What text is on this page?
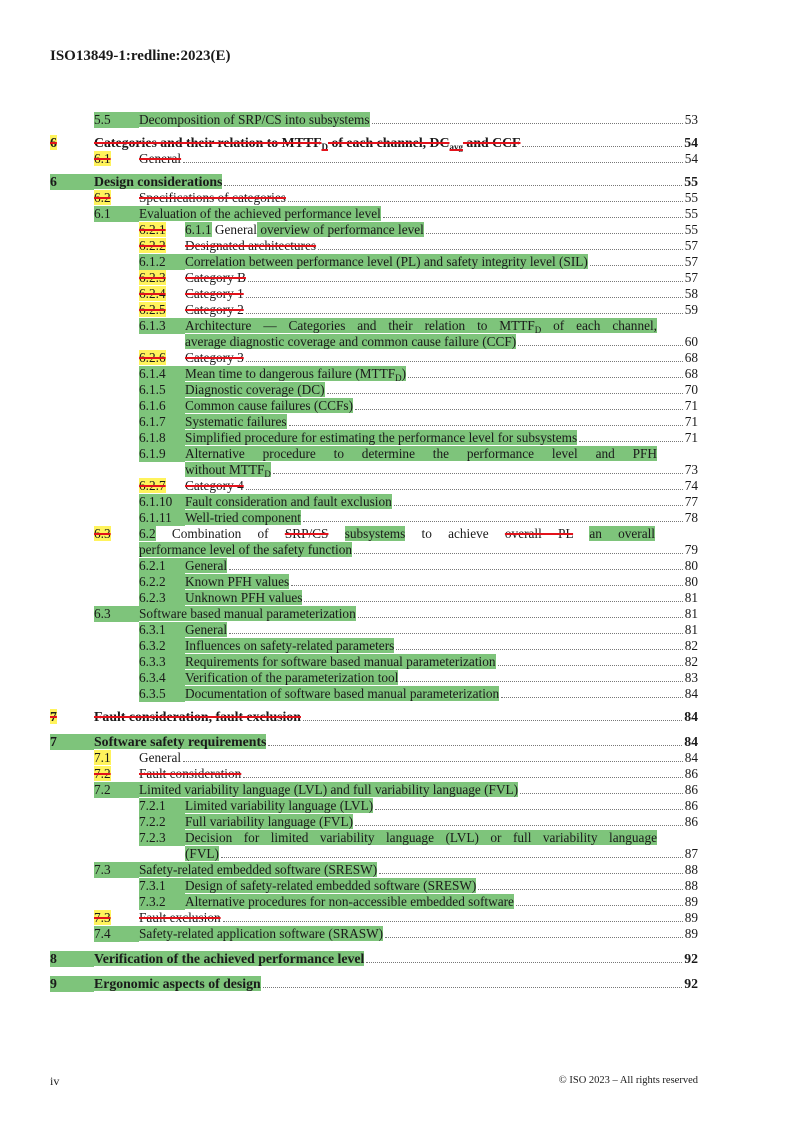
ISO13849-1:redline:2023(E)
5.5	Decomposition of SRP/CS into subsystems	53
6	Categories and their relation to $MTTF_D$ of each channel, $DC_{avg}$ and CCF	54
6.1	General	54
6	Design considerations	55
6.2	Specifications of categories	55
6.1	Evaluation of the achieved performance level	55
6.2.1	6.1.1 General overview of performance level	55
6.2.2	Designated architectures	57
6.1.2	Correlation between performance level (PL) and safety integrity level (SIL)	57
6.2.3	Category B	57
6.2.4	Category 1	58
6.2.5	Category 2	59
6.1.3	Architecture — Categories and their relation to $MTTF_D$ of each channel,
average diagnostic coverage and common cause failure (CCF)	60
6.2.6	Category 3	68
6.1.4	Mean time to dangerous failure $(MTTF_D)$	68
6.1.5	Diagnostic coverage (DC)	70
6.1.6	Common cause failures (CCFs)	71
6.1.7	Systematic failures	71
6.1.8	Simplified procedure for estimating the performance level for subsystems	71
6.1.9	Alternative procedure to determine the performance level and PFH
without $MTTF_D$	73
6.2.7	Category 4	74
6.1.10 Fault consideration and fault exclusion	77
6.1.11 Well-tried component	78
6.3	6.2 Combination of SRP/CS subsystems to achieve overall PL an overall
performance level of the safety function	79
6.2.1	General	80
6.2.2	Known PFH values	80
6.2.3	Unknown PFH values	81
6.3	Software based manual parameterization	81
6.3.1	General	81
6.3.2	Influences on safety-related parameters	82
6.3.3	Requirements for software based manual parameterization	82
6.3.4	Verification of the parameterization tool	83
6.3.5	Documentation of software based manual parameterization	84
7	Fault consideration, fault exclusion	84
7	Software safety requirements	84
7.1	General	84
7.2	Fault consideration	86
7.2	Limited variability language (LVL) and full variability language (FVL)	86
7.2.1	Limited variability language (LVL)	86
7.2.2	Full variability language (FVL)	86
7.2.3	Decision for limited variability language (LVL) or full variability language
(FVL)	87
7.3	Safety-related embedded software (SRESW)	88
7.3.1	Design of safety-related embedded software (SRESW)	88
7.3.2	Alternative procedures for non-accessible embedded software	89
7.3	Fault exclusion	89
7.4	Safety-related application software (SRASW)	89
8	Verification of the achieved performance level	92
9	Ergonomic aspects of design	92
iv	© ISO 2023 – All rights reserved
